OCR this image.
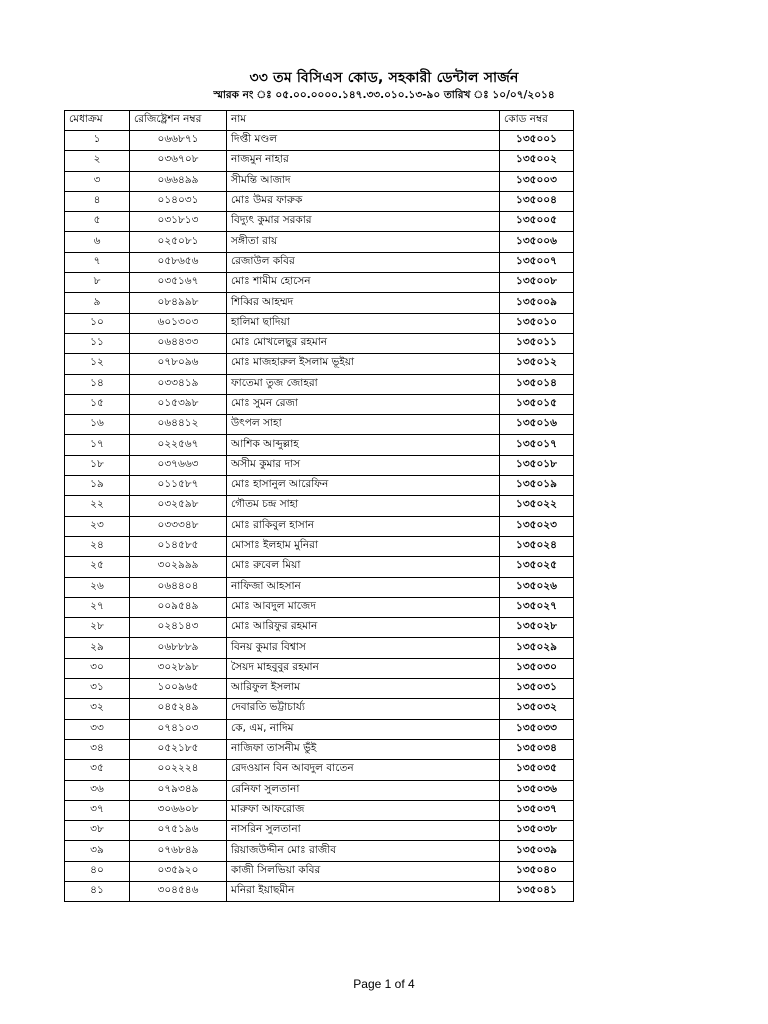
৩৩ তম বিসিএস কোড, সহকারী ডেন্টাল সার্জন
স্মারক নং ঃ ০৫.০০.০০০০.১৪৭.৩৩.০১০.১৩-৯০ তারিখ ঃ ১০/০৭/২০১৪
মেধাক্রম	রেজিষ্ট্রেশন নম্বর	নাম	কোড নম্বর
১	০৬৬৮৭১	দিপ্তী মণ্ডল	১৩৫০০১
২	০৩৬৭০৮	নাজমুন নাহার	১৩৫০০২
৩	০৬৬৪৯৯	সীমন্তি আজাদ	১৩৫০০৩
৪	০১৪০৩১	মোঃ উমর ফারুক	১৩৫০০৪
৫	০৩১৮১৩	বিদ্যুৎ কুমার সরকার	১৩৫০০৫
৬	০২৫০৮১	সঙ্গীতা রায়	১৩৫০০৬
৭	০৫৮৬৫৬	রেজাউল কবির	১৩৫০০৭
৮	০৩৫১৬৭	মোঃ শামীম হোসেন	১৩৫০০৮
৯	০৮৪৯৯৮	শিব্বির আহম্মদ	১৩৫০০৯
১০	৬০১৩০৩	হালিমা ছাদিয়া	১৩৫০১০
১১	০৬৪৪৩৩	মোঃ মোখলেছুর রহমান	১৩৫০১১
১২	০৭৮০৯৬	মোঃ মাজহারুল ইসলাম ভূইয়া	১৩৫০১২
১৪	০৩৩৪১৯	ফাতেমা তুজ জোহরা	১৩৫০১৪
১৫	০১৫৩৯৮	মোঃ সুমন রেজা	১৩৫০১৫
১৬	০৬৪৪১২	উৎপল সাহা	১৩৫০১৬
১৭	০২২৫৬৭	আশিক আব্দুল্লাহ	১৩৫০১৭
১৮	০৩৭৬৬৩	অসীম কুমার দাস	১৩৫০১৮
১৯	০১১৫৮৭	মোঃ হাসানুল আরেফিন	১৩৫০১৯
২২	০৩২৫৯৮	গৌতম চন্দ্র সাহা	১৩৫০২২
২৩	০৩৩৩৪৮	মোঃ রাকিবুল হাসান	১৩৫০২৩
২৪	০১৪৫৮৫	মোসাঃ ইলহাম মুনিরা	১৩৫০২৪
২৫	৩০২৯৯৯	মোঃ রুবেল মিয়া	১৩৫০২৫
২৬	০৬৪৪০৪	নাফিজা আহসান	১৩৫০২৬
২৭	০০৯৫৪৯	মোঃ আবদুল মাজেদ	১৩৫০২৭
২৮	০২৪১৪৩	মোঃ আরিফুর রহমান	১৩৫০২৮
২৯	০৬৮৮৮৯	বিনয় কুমার বিশ্বাস	১৩৫০২৯
৩০	৩০২৮৯৮	সৈয়দ মাহবুবুর রহমান	১৩৫০৩০
৩১	১০০৯৬৫	আরিফুল ইসলাম	১৩৫০৩১
৩২	০৪৫২৪৯	দেবারতি ভট্টাচার্য্য	১৩৫০৩২
৩৩	০৭৪১০৩	কে, এম, নাদিম	১৩৫০৩৩
৩৪	০৫২১৮৫	নাজিফা তাসনীম ভুঁই	১৩৫০৩৪
৩৫	০০২২২৪	রেদওয়ান বিন আবদুল বাতেন	১৩৫০৩৫
৩৬	০৭৯৩৪৯	রেনিফা সুলতানা	১৩৫০৩৬
৩৭	৩০৬৬০৮	মারুফা আফরোজ	১৩৫০৩৭
৩৮	০৭৫১৯৬	নাসরিন সুলতানা	১৩৫০৩৮
৩৯	০৭৬৮৪৯	রিয়াজউদ্দীন মোঃ রাজীব	১৩৫০৩৯
৪০	০৩৫৯২০	কাজী সিলভিয়া কবির	১৩৫০৪০
৪১	৩০৪৫৪৬	মনিরা ইয়াছমীন	১৩৫০৪১
Page 1 of 4
